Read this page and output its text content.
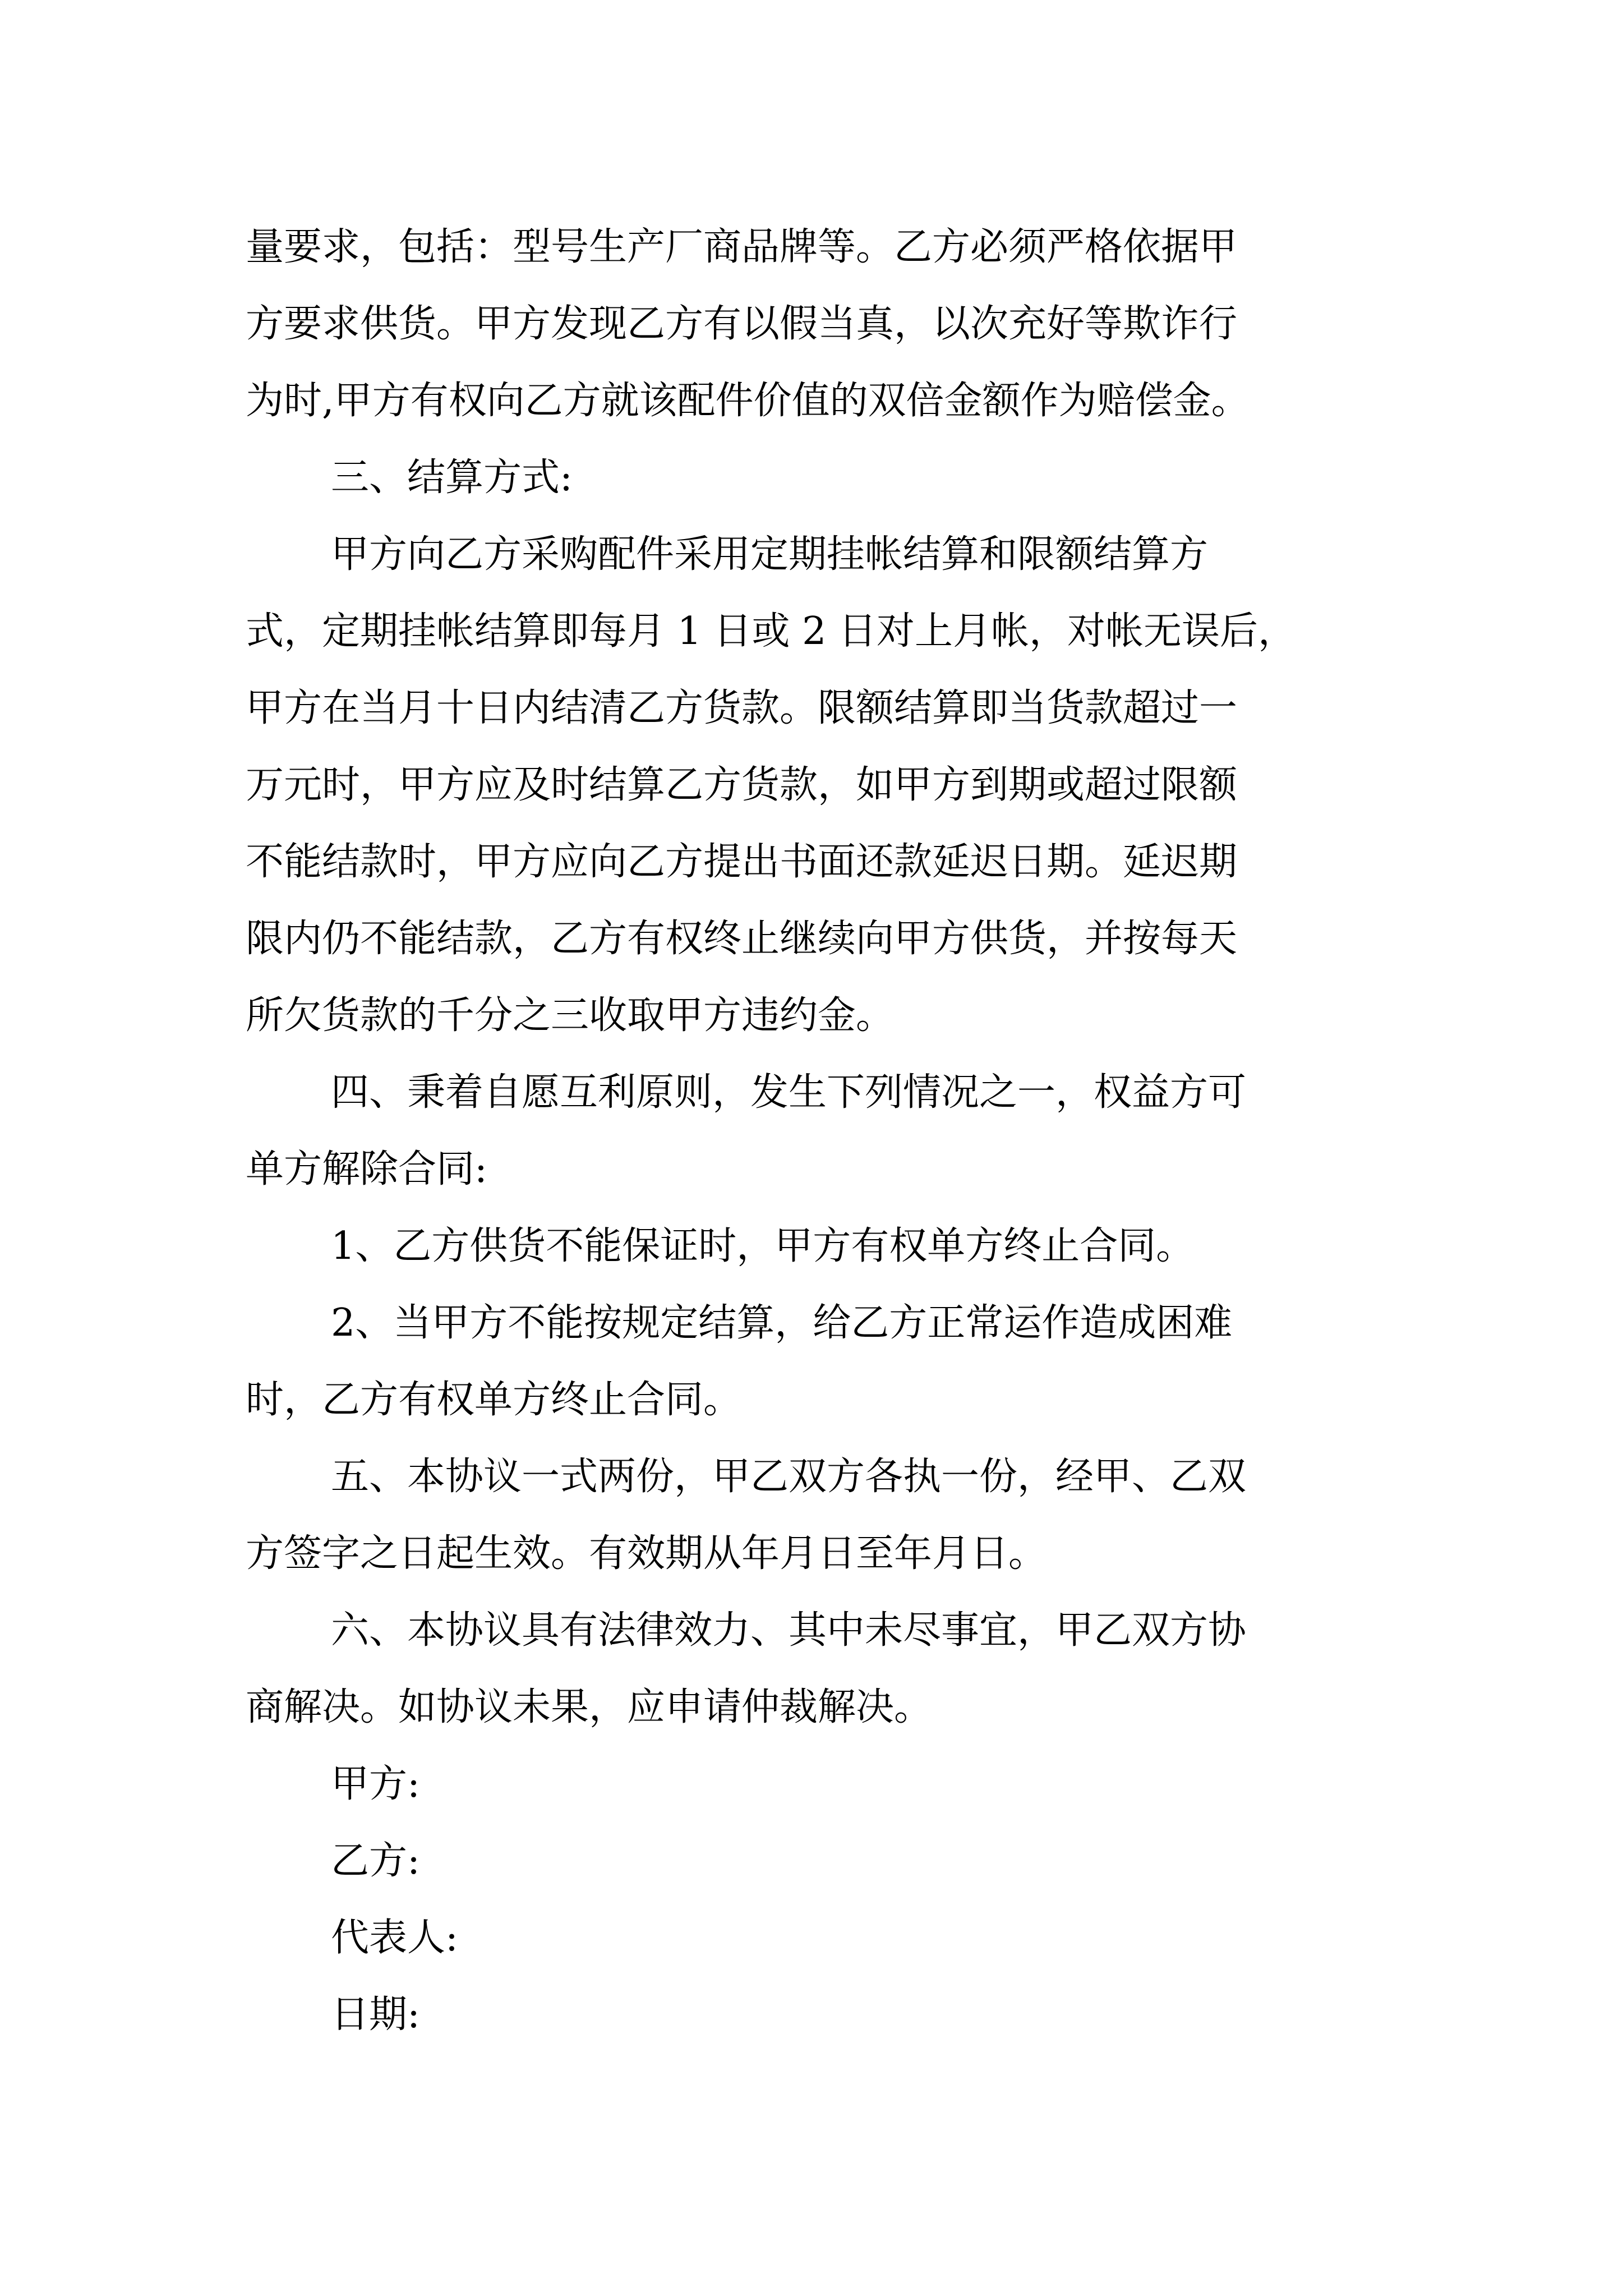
量要求，包括：型号生产厂商品牌等。乙方必须严格依据甲
方要求供货。甲方发现乙方有以假当真，以次充好等欺诈行
为时,甲方有权向乙方就该配件价值的双倍金额作为赔偿金。
三、结算方式:
甲方向乙方采购配件采用定期挂帐结算和限额结算方
式，定期挂帐结算即每月 1 日或 2 日对上月帐，对帐无误后，
甲方在当月十日内结清乙方货款。限额结算即当货款超过一
万元时，甲方应及时结算乙方货款，如甲方到期或超过限额
不能结款时，甲方应向乙方提出书面还款延迟日期。延迟期
限内仍不能结款，乙方有权终止继续向甲方供货，并按每天
所欠货款的千分之三收取甲方违约金。
四、秉着自愿互利原则，发生下列情况之一，权益方可
单方解除合同:
1、乙方供货不能保证时，甲方有权单方终止合同。
2、当甲方不能按规定结算，给乙方正常运作造成困难
时，乙方有权单方终止合同。
五、本协议一式两份，甲乙双方各执一份，经甲、乙双
方签字之日起生效。有效期从年月日至年月日。
六、本协议具有法律效力、其中未尽事宜，甲乙双方协
商解决。如协议未果，应申请仲裁解决。
甲方:
乙方:
代表人:
日期:
